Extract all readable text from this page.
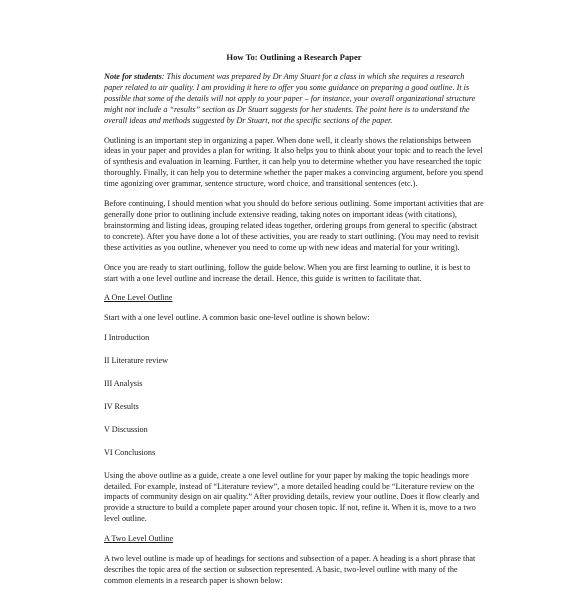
How To: Outlining a Research Paper

Note for students: This document was prepared by Dr Amy Stuart for a class in which she requires a research paper related to air quality. I am providing it here to offer you some guidance on preparing a good outline. It is possible that some of the details will not apply to your paper – for instance, your overall organizational structure might not include a “results” section as Dr Stuart suggests for her students. The point here is to understand the overall ideas and methods suggested by Dr Stuart, not the specific sections of the paper.

Outlining is an important step in organizing a paper. When done well, it clearly shows the relationships between ideas in your paper and provides a plan for writing. It also helps you to think about your topic and to reach the level of synthesis and evaluation in learning. Further, it can help you to determine whether you have researched the topic thoroughly. Finally, it can help you to determine whether the paper makes a convincing argument, before you spend time agonizing over grammar, sentence structure, word choice, and transitional sentences (etc.).

Before continuing, I should mention what you should do before serious outlining. Some important activities that are generally done prior to outlining include extensive reading, taking notes on important ideas (with citations), brainstorming and listing ideas, grouping related ideas together, ordering groups from general to specific (abstract to concrete). After you have done a lot of these activities, you are ready to start outlining. (You may need to revisit these activities as you outline, whenever you need to come up with new ideas and material for your writing).

Once you are ready to start outlining, follow the guide below. When you are first learning to outline, it is best to start with a one level outline and increase the detail. Hence, this guide is written to facilitate that.

A One Level Outline

Start with a one level outline. A common basic one-level outline is shown below:

I Introduction

II Literature review

III Analysis

IV Results

V Discussion

VI Conclusions

Using the above outline as a guide, create a one level outline for your paper by making the topic headings more detailed. For example, instead of “Literature review”, a more detailed heading could be “Literature review on the impacts of community design on air quality.” After providing details, review your outline. Does it flow clearly and provide a structure to build a complete paper around your chosen topic. If not, refine it. When it is, move to a two level outline.

A Two Level Outline

A two level outline is made up of headings for sections and subsection of a paper. A heading is a short phrase that describes the topic area of the section or subsection represented. A basic, two-level outline with many of the common elements in a research paper is shown below:
